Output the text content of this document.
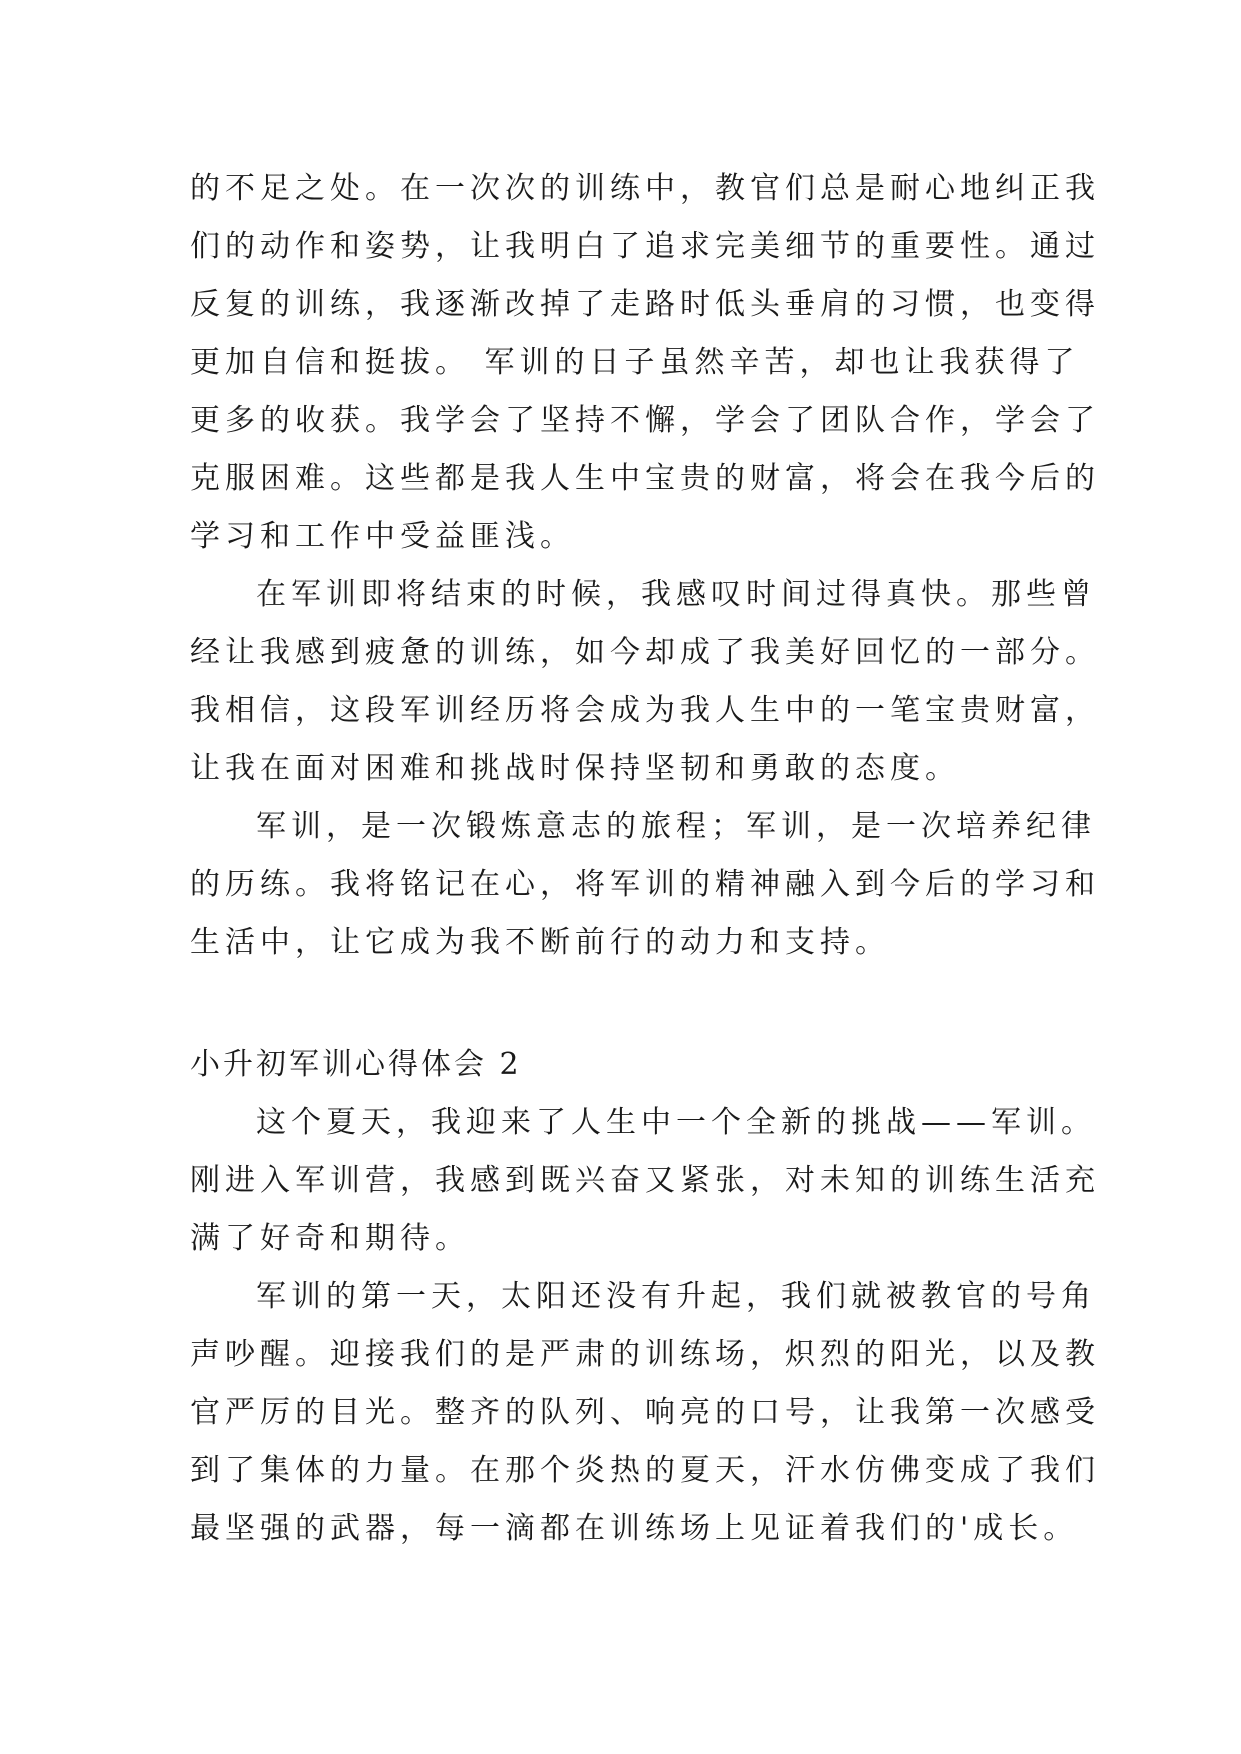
的不足之处。在一次次的训练中，教官们总是耐心地纠正我
们的动作和姿势，让我明白了追求完美细节的重要性。通过
反复的训练，我逐渐改掉了走路时低头垂肩的习惯，也变得
更加自信和挺拔。 军训的日子虽然辛苦，却也让我获得了
更多的收获。我学会了坚持不懈，学会了团队合作，学会了
克服困难。这些都是我人生中宝贵的财富，将会在我今后的
学习和工作中受益匪浅。
在军训即将结束的时候，我感叹时间过得真快。那些曾
经让我感到疲惫的训练，如今却成了我美好回忆的一部分。
我相信，这段军训经历将会成为我人生中的一笔宝贵财富，
让我在面对困难和挑战时保持坚韧和勇敢的态度。
军训，是一次锻炼意志的旅程；军训，是一次培养纪律
的历练。我将铭记在心，将军训的精神融入到今后的学习和
生活中，让它成为我不断前行的动力和支持。
小升初军训心得体会 2
这个夏天，我迎来了人生中一个全新的挑战——军训。
刚进入军训营，我感到既兴奋又紧张，对未知的训练生活充
满了好奇和期待。
军训的第一天，太阳还没有升起，我们就被教官的号角
声吵醒。迎接我们的是严肃的训练场，炽烈的阳光，以及教
官严厉的目光。整齐的队列、响亮的口号，让我第一次感受
到了集体的力量。在那个炎热的夏天，汗水仿佛变成了我们
最坚强的武器，每一滴都在训练场上见证着我们的'成长。
